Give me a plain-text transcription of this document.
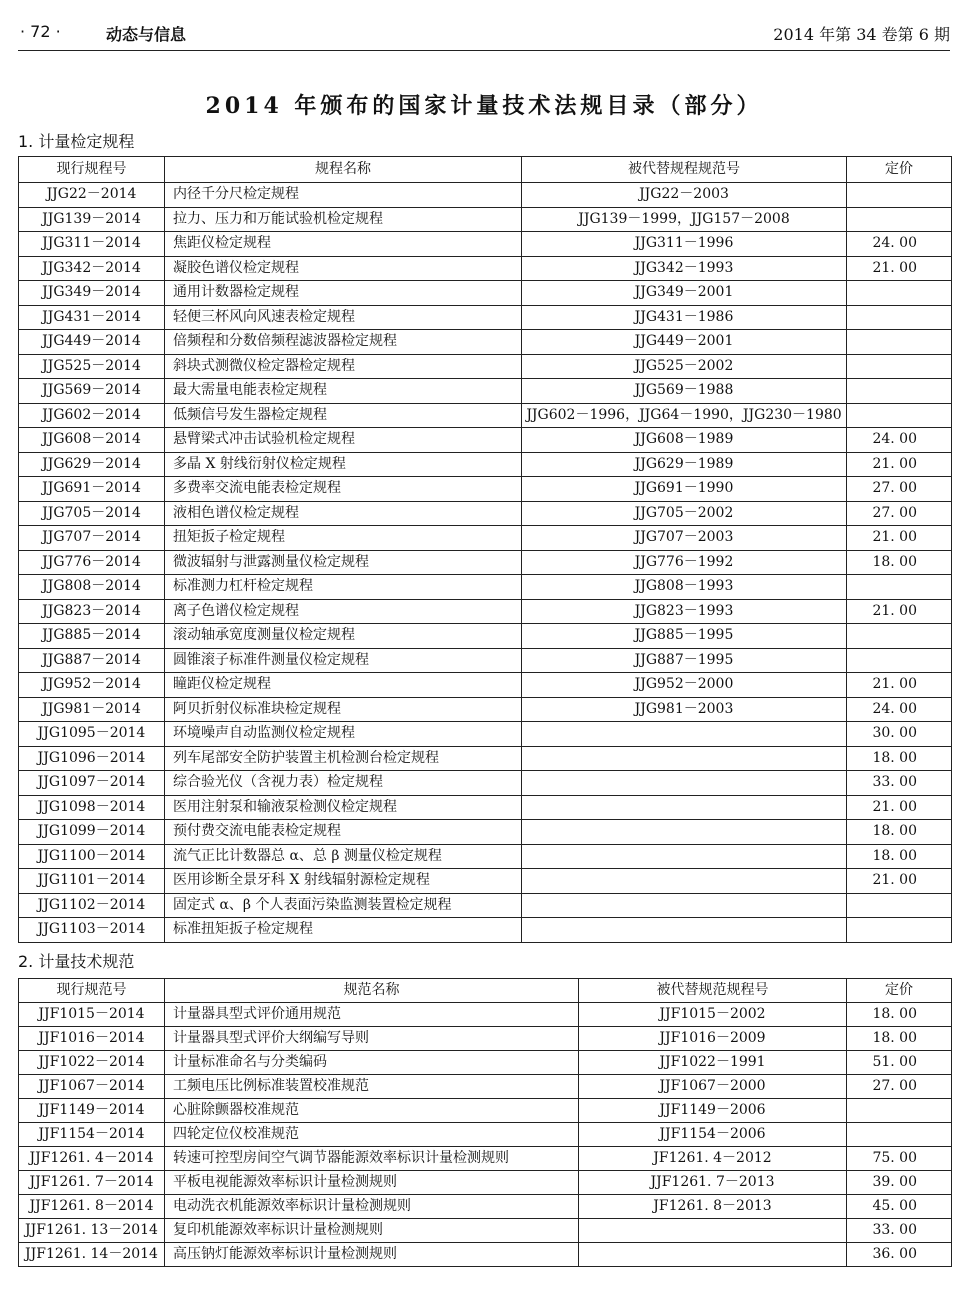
· 72 ·	动态与信息	2014 年第 34 卷第 6 期
2014 年颁布的国家计量技术法规目录（部分）
1. 计量检定规程
现行规程号	规程名称	被代替规程规范号	定价
JJG22－2014	内径千分尺检定规程	JJG22－2003	
JJG139－2014	拉力、压力和万能试验机检定规程	JJG139－1999，JJG157－2008	
JJG311－2014	焦距仪检定规程	JJG311－1996	24. 00
JJG342－2014	凝胶色谱仪检定规程	JJG342－1993	21. 00
JJG349－2014	通用计数器检定规程	JJG349－2001	
JJG431－2014	轻便三杯风向风速表检定规程	JJG431－1986	
JJG449－2014	倍频程和分数倍频程滤波器检定规程	JJG449－2001	
JJG525－2014	斜块式测微仪检定器检定规程	JJG525－2002	
JJG569－2014	最大需量电能表检定规程	JJG569－1988	
JJG602－2014	低频信号发生器检定规程	JJG602－1996，JJG64－1990，JJG230－1980	
JJG608－2014	悬臂梁式冲击试验机检定规程	JJG608－1989	24. 00
JJG629－2014	多晶 X 射线衍射仪检定规程	JJG629－1989	21. 00
JJG691－2014	多费率交流电能表检定规程	JJG691－1990	27. 00
JJG705－2014	液相色谱仪检定规程	JJG705－2002	27. 00
JJG707－2014	扭矩扳子检定规程	JJG707－2003	21. 00
JJG776－2014	微波辐射与泄露测量仪检定规程	JJG776－1992	18. 00
JJG808－2014	标准测力杠杆检定规程	JJG808－1993	
JJG823－2014	离子色谱仪检定规程	JJG823－1993	21. 00
JJG885－2014	滚动轴承宽度测量仪检定规程	JJG885－1995	
JJG887－2014	圆锥滚子标准件测量仪检定规程	JJG887－1995	
JJG952－2014	瞳距仪检定规程	JJG952－2000	21. 00
JJG981－2014	阿贝折射仪标准块检定规程	JJG981－2003	24. 00
JJG1095－2014	环境噪声自动监测仪检定规程		30. 00
JJG1096－2014	列车尾部安全防护装置主机检测台检定规程		18. 00
JJG1097－2014	综合验光仪（含视力表）检定规程		33. 00
JJG1098－2014	医用注射泵和输液泵检测仪检定规程		21. 00
JJG1099－2014	预付费交流电能表检定规程		18. 00
JJG1100－2014	流气正比计数器总 α、总 β 测量仪检定规程		18. 00
JJG1101－2014	医用诊断全景牙科 X 射线辐射源检定规程		21. 00
JJG1102－2014	固定式 α、β 个人表面污染监测装置检定规程		
JJG1103－2014	标准扭矩扳子检定规程		
2. 计量技术规范
现行规范号	规范名称	被代替规范规程号	定价
JJF1015－2014	计量器具型式评价通用规范	JJF1015－2002	18. 00
JJF1016－2014	计量器具型式评价大纲编写导则	JJF1016－2009	18. 00
JJF1022－2014	计量标准命名与分类编码	JJF1022－1991	51. 00
JJF1067－2014	工频电压比例标准装置校准规范	JJF1067－2000	27. 00
JJF1149－2014	心脏除颤器校准规范	JJF1149－2006	
JJF1154－2014	四轮定位仪校准规范	JJF1154－2006	
JJF1261. 4－2014	转速可控型房间空气调节器能源效率标识计量检测规则	JF1261. 4－2012	75. 00
JJF1261. 7－2014	平板电视能源效率标识计量检测规则	JJF1261. 7－2013	39. 00
JJF1261. 8－2014	电动洗衣机能源效率标识计量检测规则	JF1261. 8－2013	45. 00
JJF1261. 13－2014	复印机能源效率标识计量检测规则		33. 00
JJF1261. 14－2014	高压钠灯能源效率标识计量检测规则		36. 00
